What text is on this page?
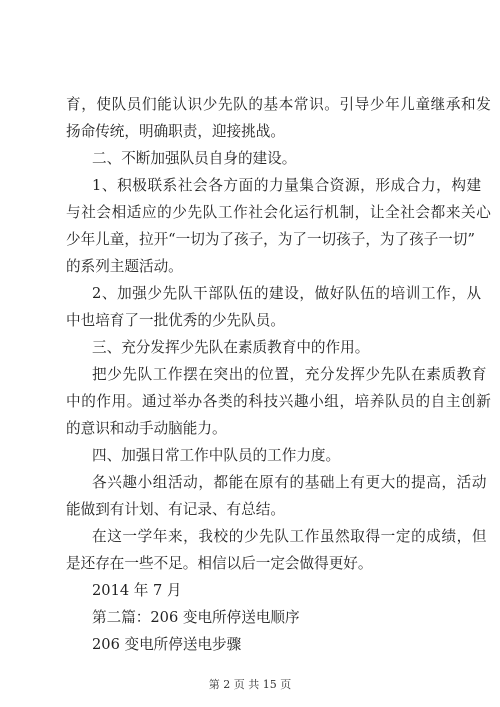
育，使队员们能认识少先队的基本常识。引导少年儿童继承和发
扬命传统，明确职责，迎接挑战。
二、不断加强队员自身的建设。
1、积极联系社会各方面的力量集合资源，形成合力，构建
与社会相适应的少先队工作社会化运行机制，让全社会都来关心
少年儿童，拉开“一切为了孩子，为了一切孩子，为了孩子一切”
的系列主题活动。
2、加强少先队干部队伍的建设，做好队伍的培训工作，从
中也培育了一批优秀的少先队员。
三、充分发挥少先队在素质教育中的作用。
把少先队工作摆在突出的位置，充分发挥少先队在素质教育
中的作用。通过举办各类的科技兴趣小组，培养队员的自主创新
的意识和动手动脑能力。
四、加强日常工作中队员的工作力度。
各兴趣小组活动，都能在原有的基础上有更大的提高，活动
能做到有计划、有记录、有总结。
在这一学年来，我校的少先队工作虽然取得一定的成绩，但
是还存在一些不足。相信以后一定会做得更好。
2014 年 7 月
第二篇：206 变电所停送电顺序
206 变电所停送电步骤
第 2 页 共 15 页
